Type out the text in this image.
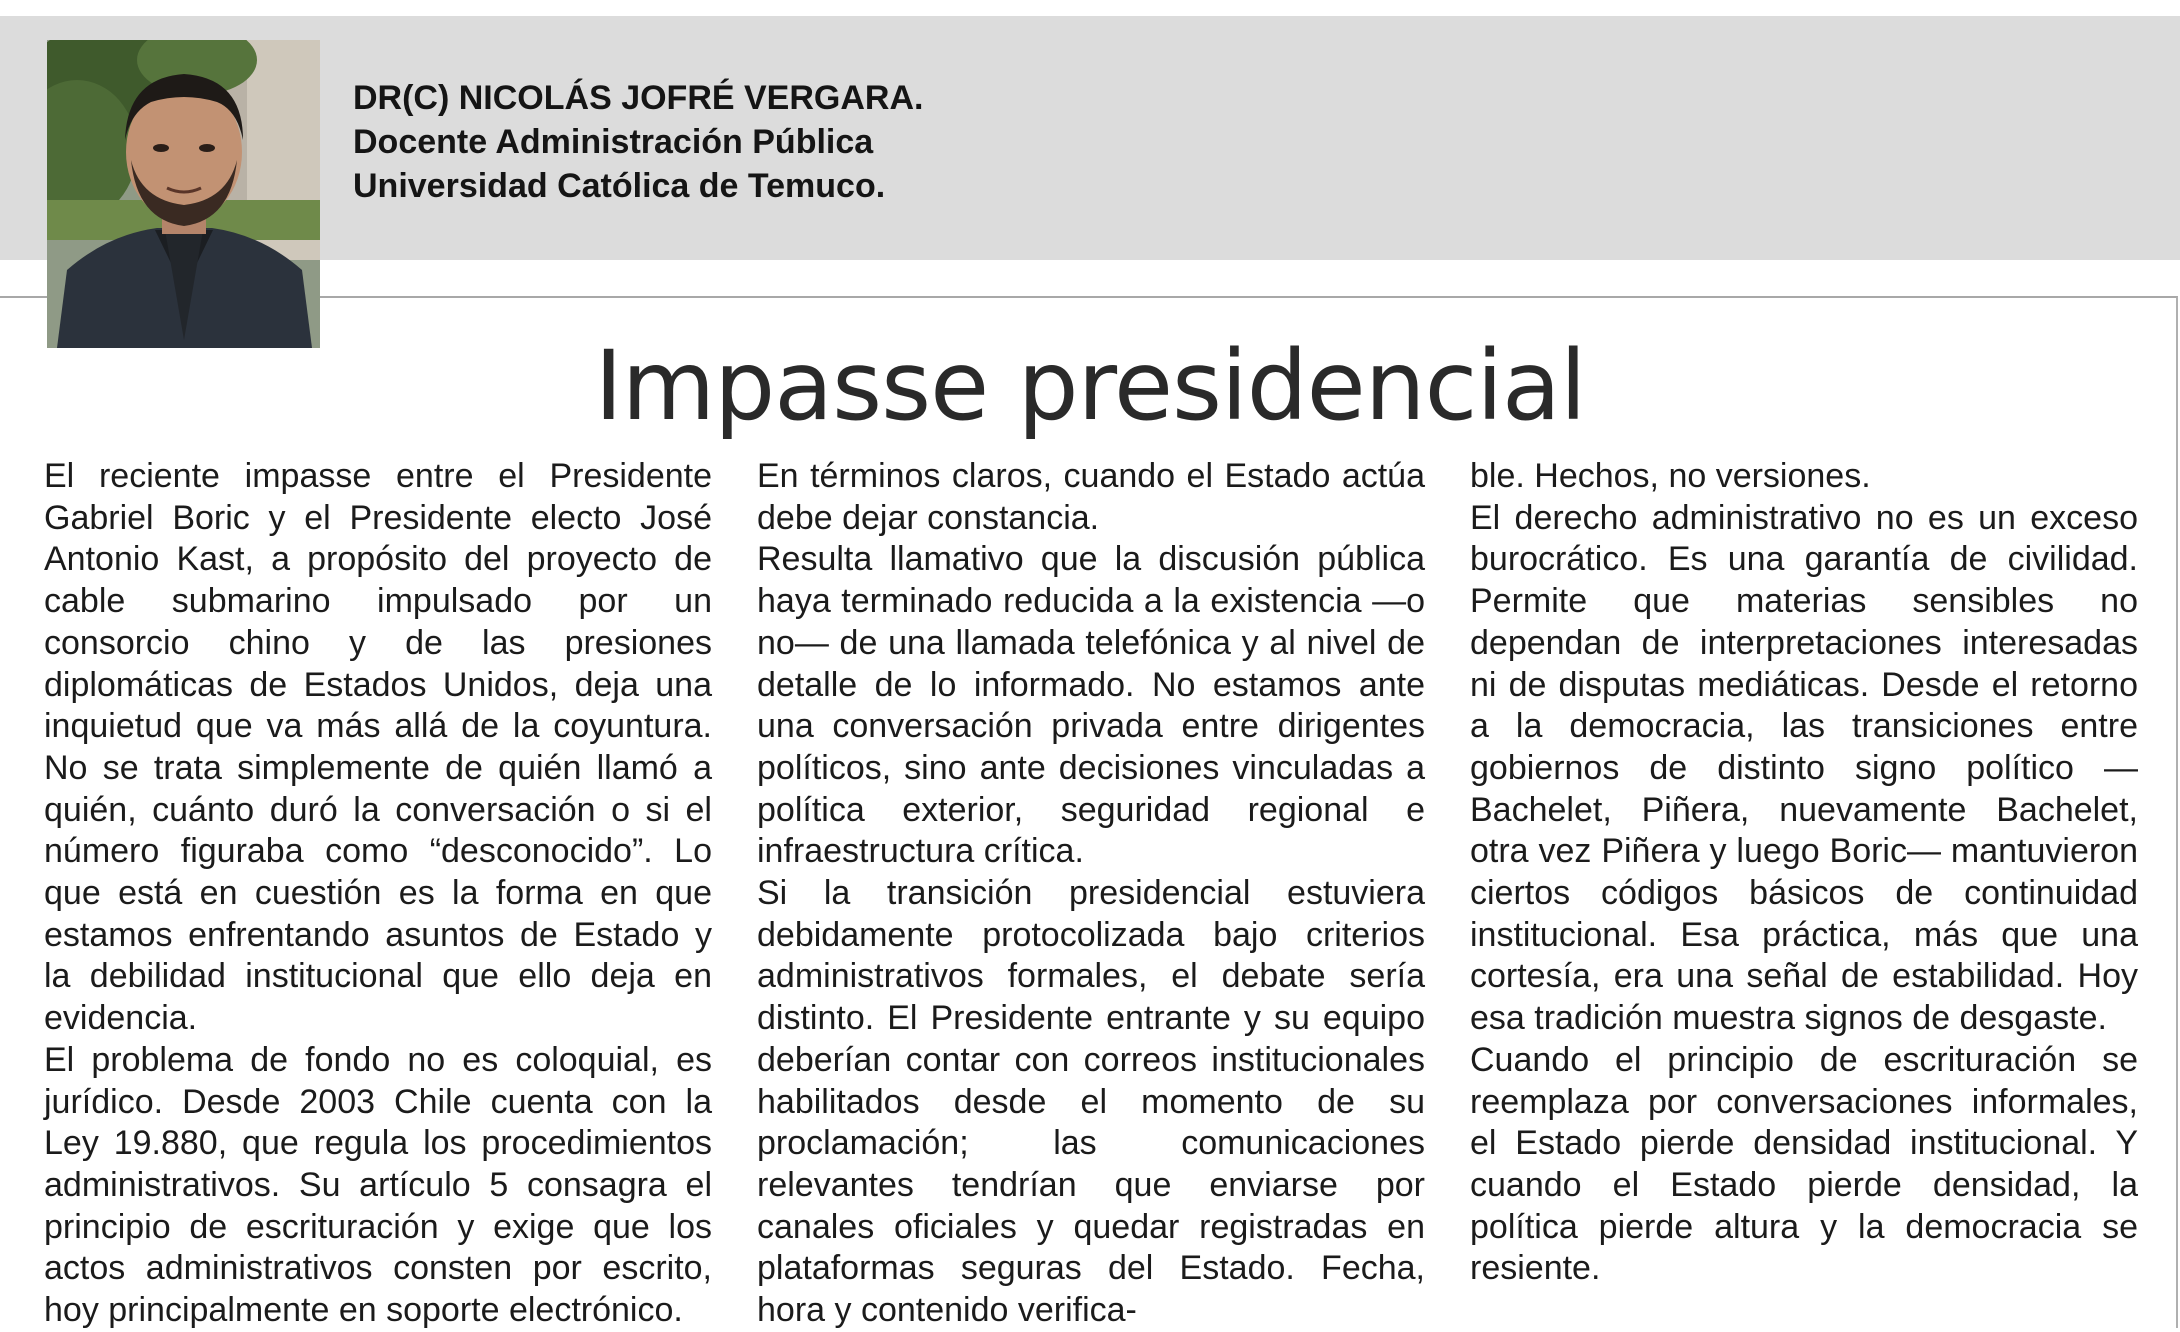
DR(C) NICOLÁS JOFRÉ VERGARA.
Docente Administración Pública
Universidad Católica de Temuco.
Impasse presidencial

El reciente impasse entre el Presidente Gabriel Boric y el Presidente electo José Antonio Kast, a propósito del proyecto de cable submarino impulsado por un consorcio chino y de las presiones diplomáticas de Estados Unidos, deja una inquietud que va más allá de la coyuntura. No se trata simplemente de quién llamó a quién, cuánto duró la conversación o si el número figuraba como “desconocido”. Lo que está en cuestión es la forma en que estamos enfrentando asuntos de Estado y la debilidad institucional que ello deja en evidencia.

El problema de fondo no es coloquial, es jurídico. Desde 2003 Chile cuenta con la Ley 19.880, que regula los procedimientos administrativos. Su artículo 5 consagra el principio de escrituración y exige que los actos administrativos consten por escrito, hoy principalmente en soporte electrónico.

En términos claros, cuando el Estado actúa debe dejar constancia.

Resulta llamativo que la discusión pública haya terminado reducida a la existencia —o no— de una llamada telefónica y al nivel de detalle de lo informado. No estamos ante una conversación privada entre dirigentes políticos, sino ante decisiones vinculadas a política exterior, seguridad regional e infraestructura crítica.

Si la transición presidencial estuviera debidamente protocolizada bajo criterios administrativos formales, el debate sería distinto. El Presidente entrante y su equipo deberían contar con correos institucionales habilitados desde el momento de su proclamación; las comunicaciones relevantes tendrían que enviarse por canales oficiales y quedar registradas en plataformas seguras del Estado. Fecha, hora y contenido verifica-

ble. Hechos, no versiones.

El derecho administrativo no es un exceso burocrático. Es una garantía de civilidad. Permite que materias sensibles no dependan de interpretaciones interesadas ni de disputas mediáticas. Desde el retorno a la democracia, las transiciones entre gobiernos de distinto signo político —Bachelet, Piñera, nuevamente Bachelet, otra vez Piñera y luego Boric— mantuvieron ciertos códigos básicos de continuidad institucional. Esa práctica, más que una cortesía, era una señal de estabilidad. Hoy esa tradición muestra signos de desgaste.

Cuando el principio de escrituración se reemplaza por conversaciones informales, el Estado pierde densidad institucional. Y cuando el Estado pierde densidad, la política pierde altura y la democracia se resiente.
